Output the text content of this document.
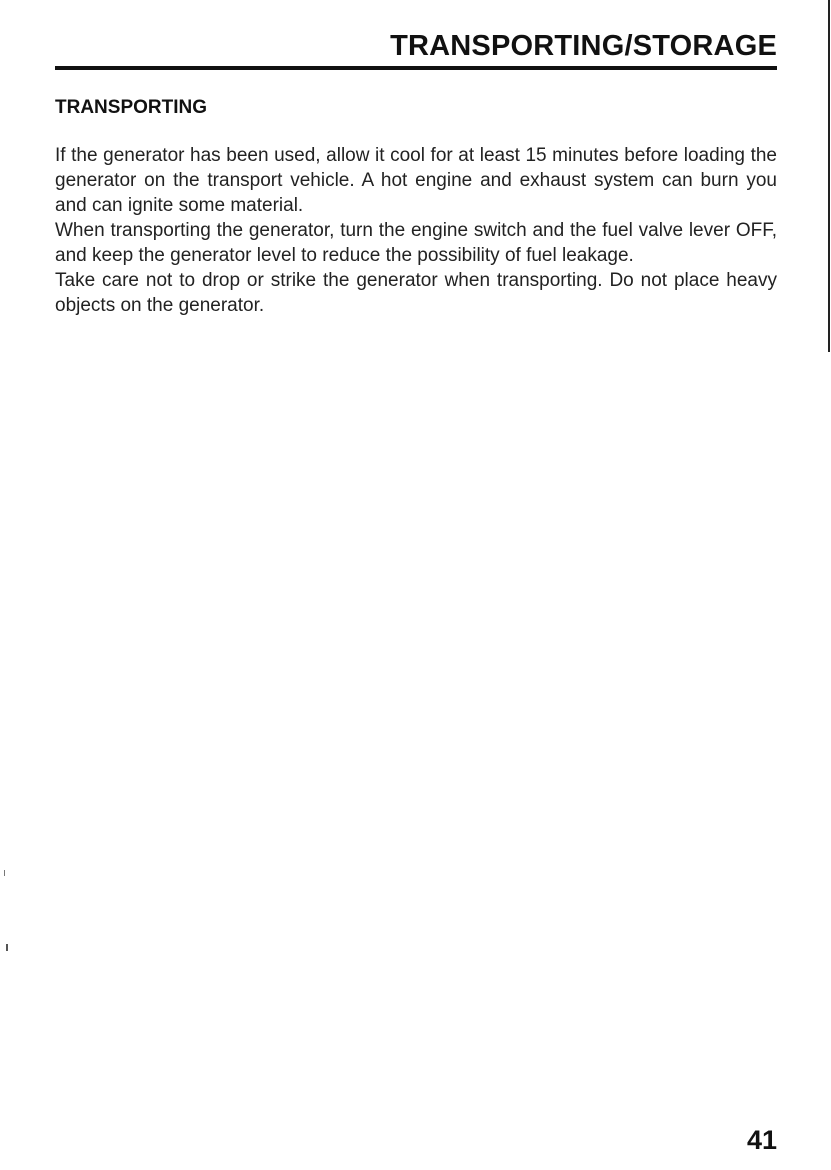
TRANSPORTING/STORAGE
TRANSPORTING

If the generator has been used, allow it cool for at least 15 minutes before loading the generator on the transport vehicle. A hot engine and exhaust system can burn you and can ignite some material.

When transporting the generator, turn the engine switch and the fuel valve lever OFF, and keep the generator level to reduce the possibility of fuel leakage.

Take care not to drop or strike the generator when transporting. Do not place heavy objects on the generator.

41
